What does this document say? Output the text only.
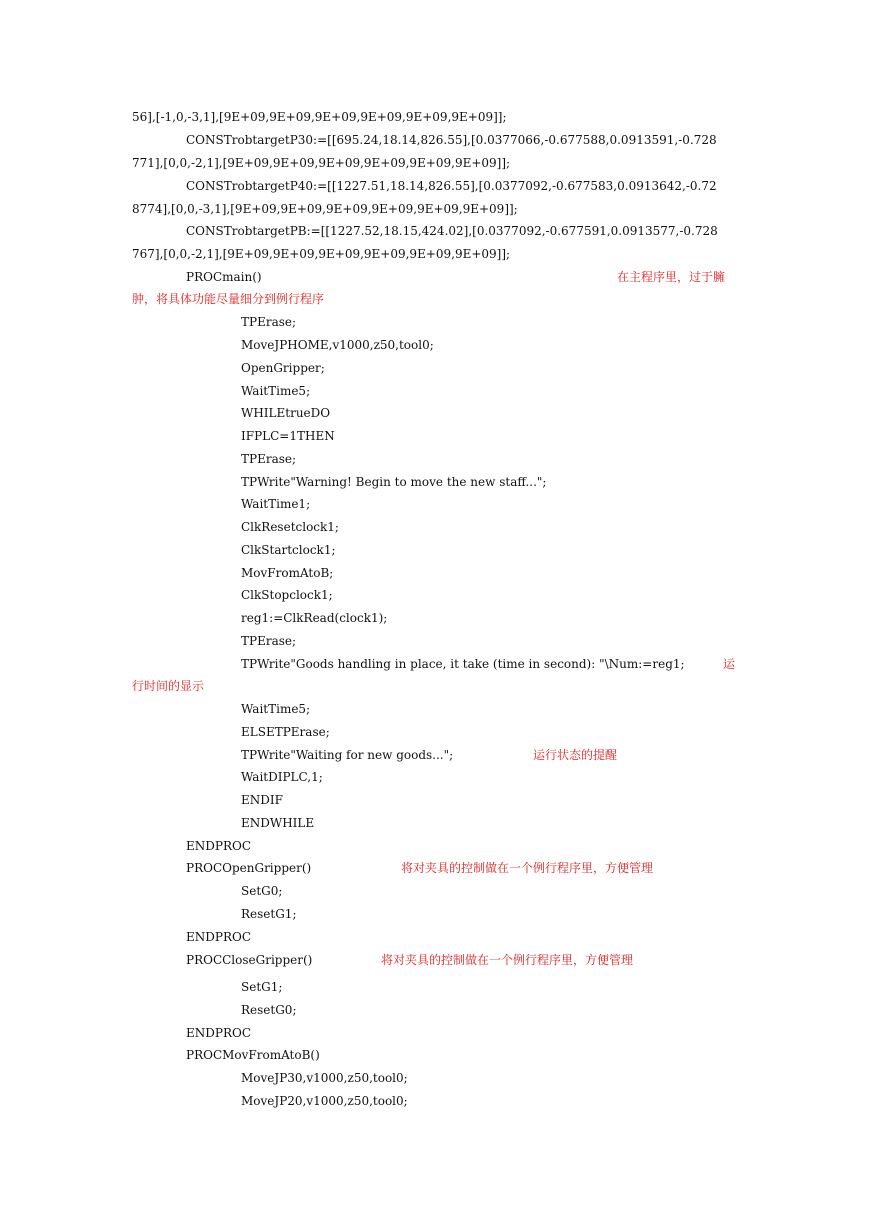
56],[-1,0,-3,1],[9E+09,9E+09,9E+09,9E+09,9E+09,9E+09]];
CONSTrobtargetP30:=[[695.24,18.14,826.55],[0.0377066,-0.677588,0.0913591,-0.728
771],[0,0,-2,1],[9E+09,9E+09,9E+09,9E+09,9E+09,9E+09]];
CONSTrobtargetP40:=[[1227.51,18.14,826.55],[0.0377092,-0.677583,0.0913642,-0.72
8774],[0,0,-3,1],[9E+09,9E+09,9E+09,9E+09,9E+09,9E+09]];
CONSTrobtargetPB:=[[1227.52,18.15,424.02],[0.0377092,-0.677591,0.0913577,-0.728
767],[0,0,-2,1],[9E+09,9E+09,9E+09,9E+09,9E+09,9E+09]];
PROCmain()	在主程序里，过于臃
肿，将具体功能尽量细分到例行程序
TPErase;
MoveJPHOME,v1000,z50,tool0;
OpenGripper;
WaitTime5;
WHILEtrueDO
IFPLC=1THEN
TPErase;
TPWrite"Warning! Begin to move the new staff...";
WaitTime1;
ClkResetclock1;
ClkStartclock1;
MovFromAtoB;
ClkStopclock1;
reg1:=ClkRead(clock1);
TPErase;
TPWrite"Goods handling in place, it take (time in second): "\Num:=reg1;	运
行时间的显示
WaitTime5;
ELSETPErase;
TPWrite"Waiting for new goods...";	运行状态的提醒
WaitDIPLC,1;
ENDIF
ENDWHILE
ENDPROC
PROCOpenGripper()	将对夹具的控制做在一个例行程序里，方便管理
SetG0;
ResetG1;
ENDPROC
PROCCloseGripper()	将对夹具的控制做在一个例行程序里，方便管理
SetG1;
ResetG0;
ENDPROC
PROCMovFromAtoB()
MoveJP30,v1000,z50,tool0;
MoveJP20,v1000,z50,tool0;
